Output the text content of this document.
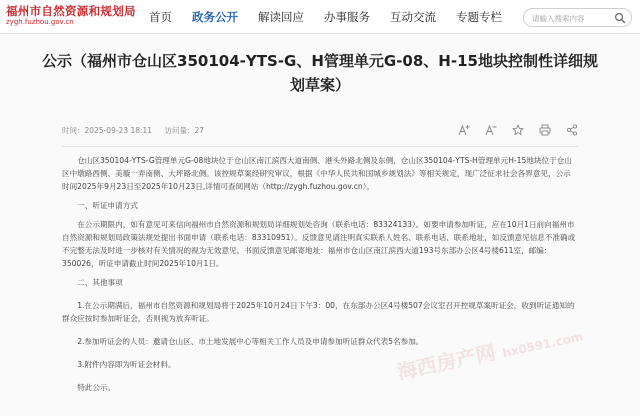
福州市自然资源和规划局
zygh.fuzhou.gov.cn	首页	政务公开	解读回应	办事服务	互动交流	专题专栏
请输入搜索内容
公示（福州市仓山区350104-YTS-G、H管理单元G-08、H-15地块控制性详细规划草案）
时间：2025-09-23 18:11 访问量：27

仓山区350104-YTS-G管理单元G-08地块位于仓山区南江滨西大道南侧、港头外路北侧及东侧，仓山区350104-YTS-H管理单元H-15地块位于仓山区中墩路西侧、美璇一弄南侧、大坪路北侧。该控规草案经研究审议，根据《中华人民共和国城乡规划法》等相关规定，现广泛征求社会各界意见，公示时间2025年9月23日至2025年10月23日,详情可查阅网站（http://zygh.fuzhou.gov.cn）。

一、听证申请方式

在公示期限内，如有意见可来信向福州市自然资源和规划局详细规划处咨询（联系电话：83324133）。如要申请参加听证，应在10月1日前向福州市自然资源和规划局政策法规处提出书面申请（联系电话：83310951）。反馈意见请注明真实联系人姓名、联系电话、联系地址，如反馈意见信息不准确或不完整无法及时进一步核对有关情况的视为无效意见。书面反馈意见邮寄地址：福州市仓山区南江滨西大道193号东部办公区4号楼611室，邮编：350026，听证申请截止时间2025年10月1日。

二、其他事项

1.在公示期满后，福州市自然资源和规划局将于2025年10月24日下午3：00，在东部办公区4号楼507会议室召开控规草案听证会，收到听证通知的群众应按时参加听证会，否则视为放弃听证。

2.参加听证会的人员：邀请仓山区、市土地发展中心等相关工作人员及申请参加听证群众代表5名参加。

3.附件内容即为听证会材料。

特此公示。

海西房产网 hx0591.com
